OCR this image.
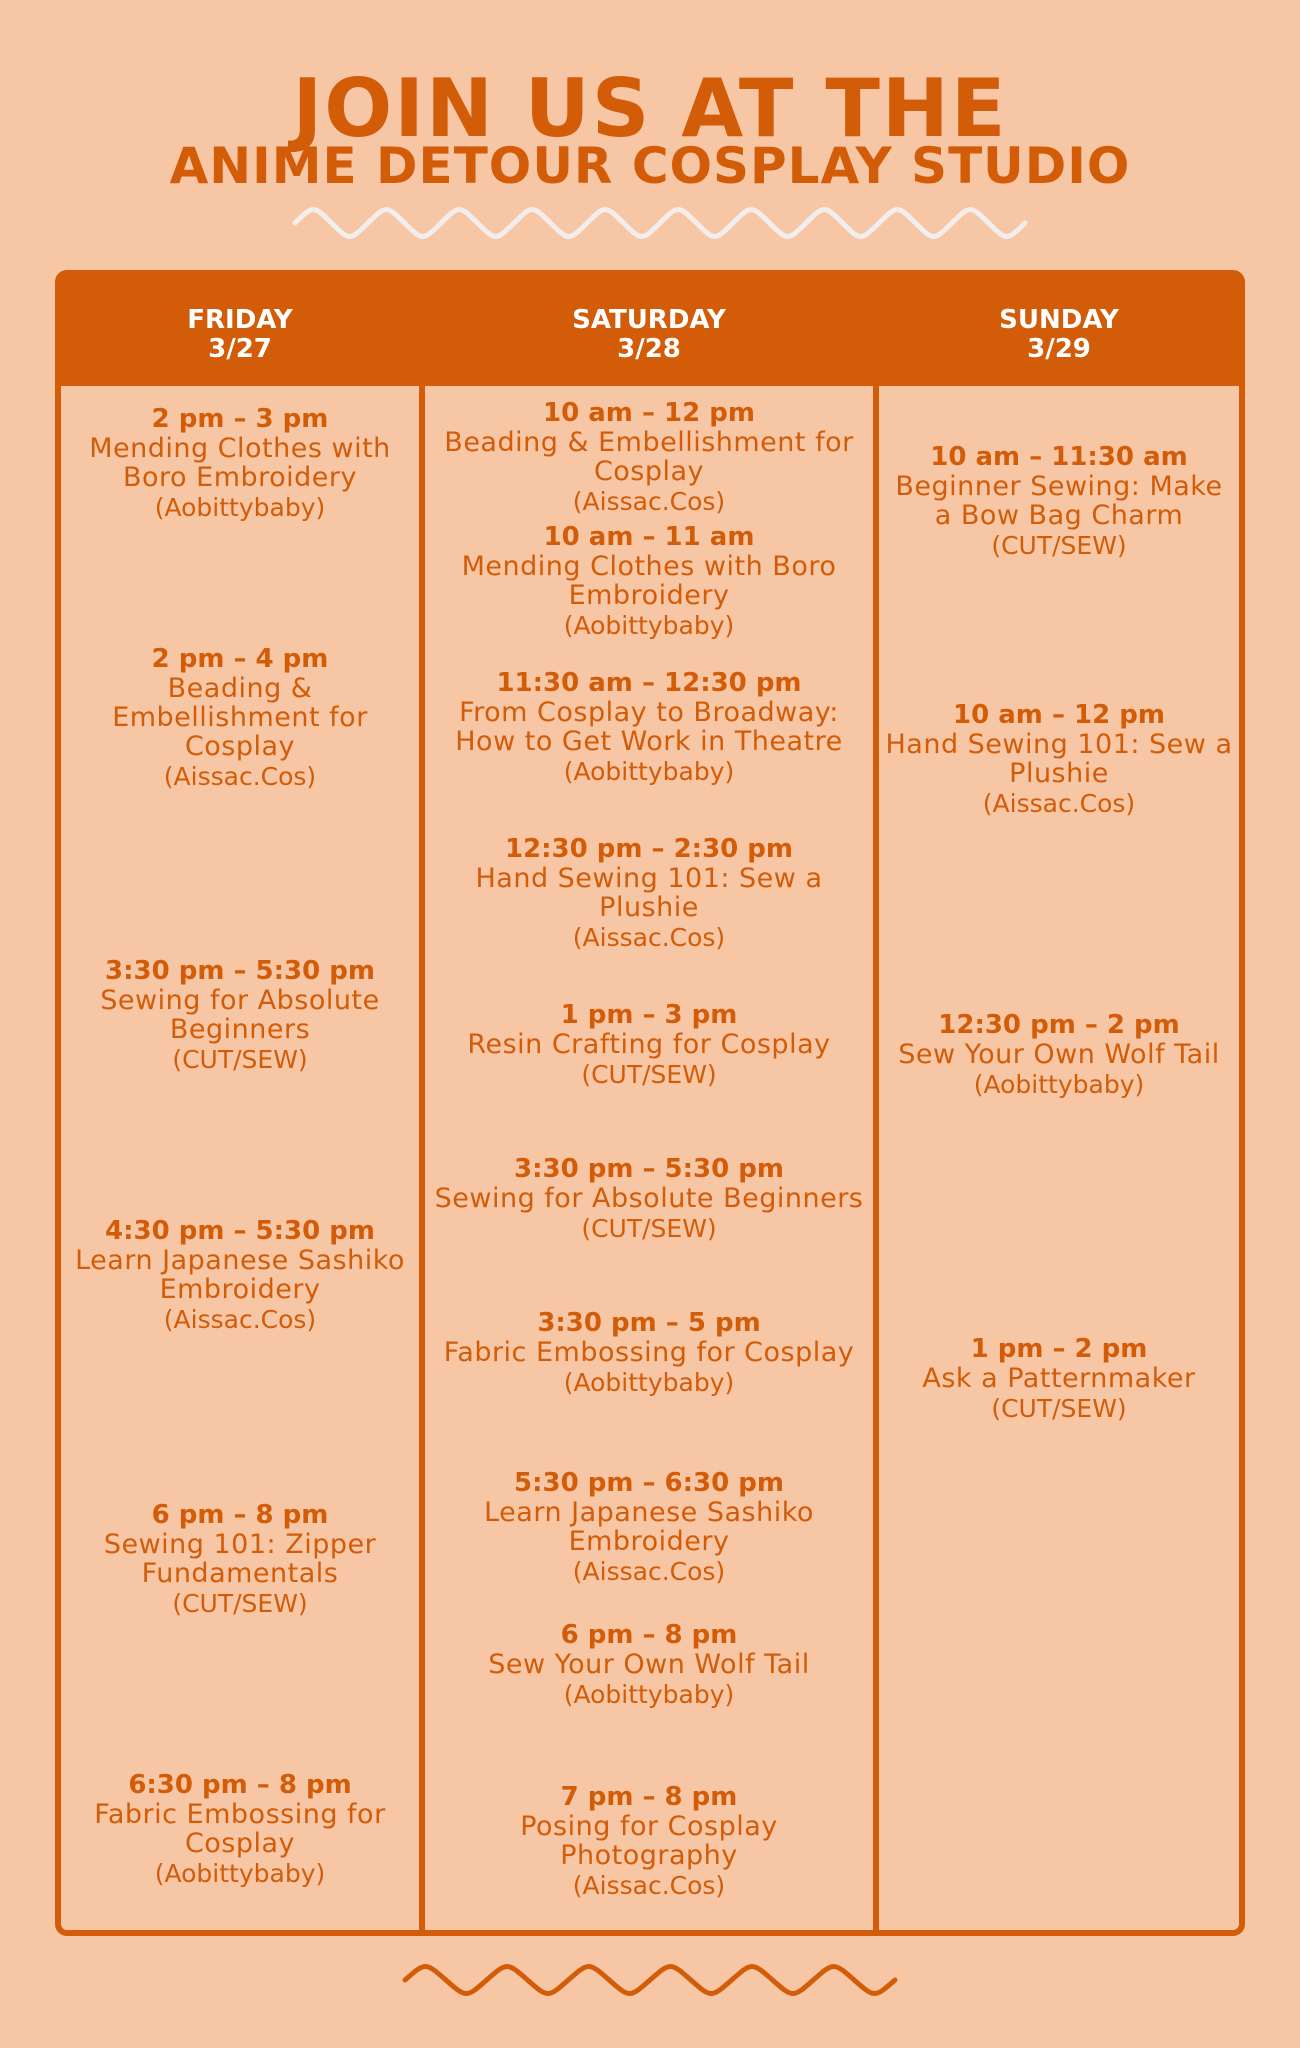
JOIN US AT THE
ANIME DETOUR COSPLAY STUDIO
FRIDAY
3/27
SATURDAY
3/28
SUNDAY
3/29
2 pm – 3 pm
Mending Clothes with Boro Embroidery
(Aobittybaby)
2 pm – 4 pm
Beading & Embellishment for Cosplay
(Aissac.Cos)
3:30 pm – 5:30 pm
Sewing for Absolute Beginners
(CUT/SEW)
4:30 pm – 5:30 pm
Learn Japanese Sashiko Embroidery
(Aissac.Cos)
6 pm – 8 pm
Sewing 101: Zipper Fundamentals
(CUT/SEW)
6:30 pm – 8 pm
Fabric Embossing for Cosplay
(Aobittybaby)
10 am – 12 pm
Beading & Embellishment for Cosplay
(Aissac.Cos)
10 am – 11 am
Mending Clothes with Boro Embroidery
(Aobittybaby)
11:30 am – 12:30 pm
From Cosplay to Broadway: How to Get Work in Theatre
(Aobittybaby)
12:30 pm – 2:30 pm
Hand Sewing 101: Sew a Plushie
(Aissac.Cos)
1 pm – 3 pm
Resin Crafting for Cosplay
(CUT/SEW)
3:30 pm – 5:30 pm
Sewing for Absolute Beginners
(CUT/SEW)
3:30 pm – 5 pm
Fabric Embossing for Cosplay
(Aobittybaby)
5:30 pm – 6:30 pm
Learn Japanese Sashiko Embroidery
(Aissac.Cos)
6 pm – 8 pm
Sew Your Own Wolf Tail
(Aobittybaby)
7 pm – 8 pm
Posing for Cosplay Photography
(Aissac.Cos)
10 am – 11:30 am
Beginner Sewing: Make a Bow Bag Charm
(CUT/SEW)
10 am – 12 pm
Hand Sewing 101: Sew a Plushie
(Aissac.Cos)
12:30 pm – 2 pm
Sew Your Own Wolf Tail
(Aobittybaby)
1 pm – 2 pm
Ask a Patternmaker
(CUT/SEW)
